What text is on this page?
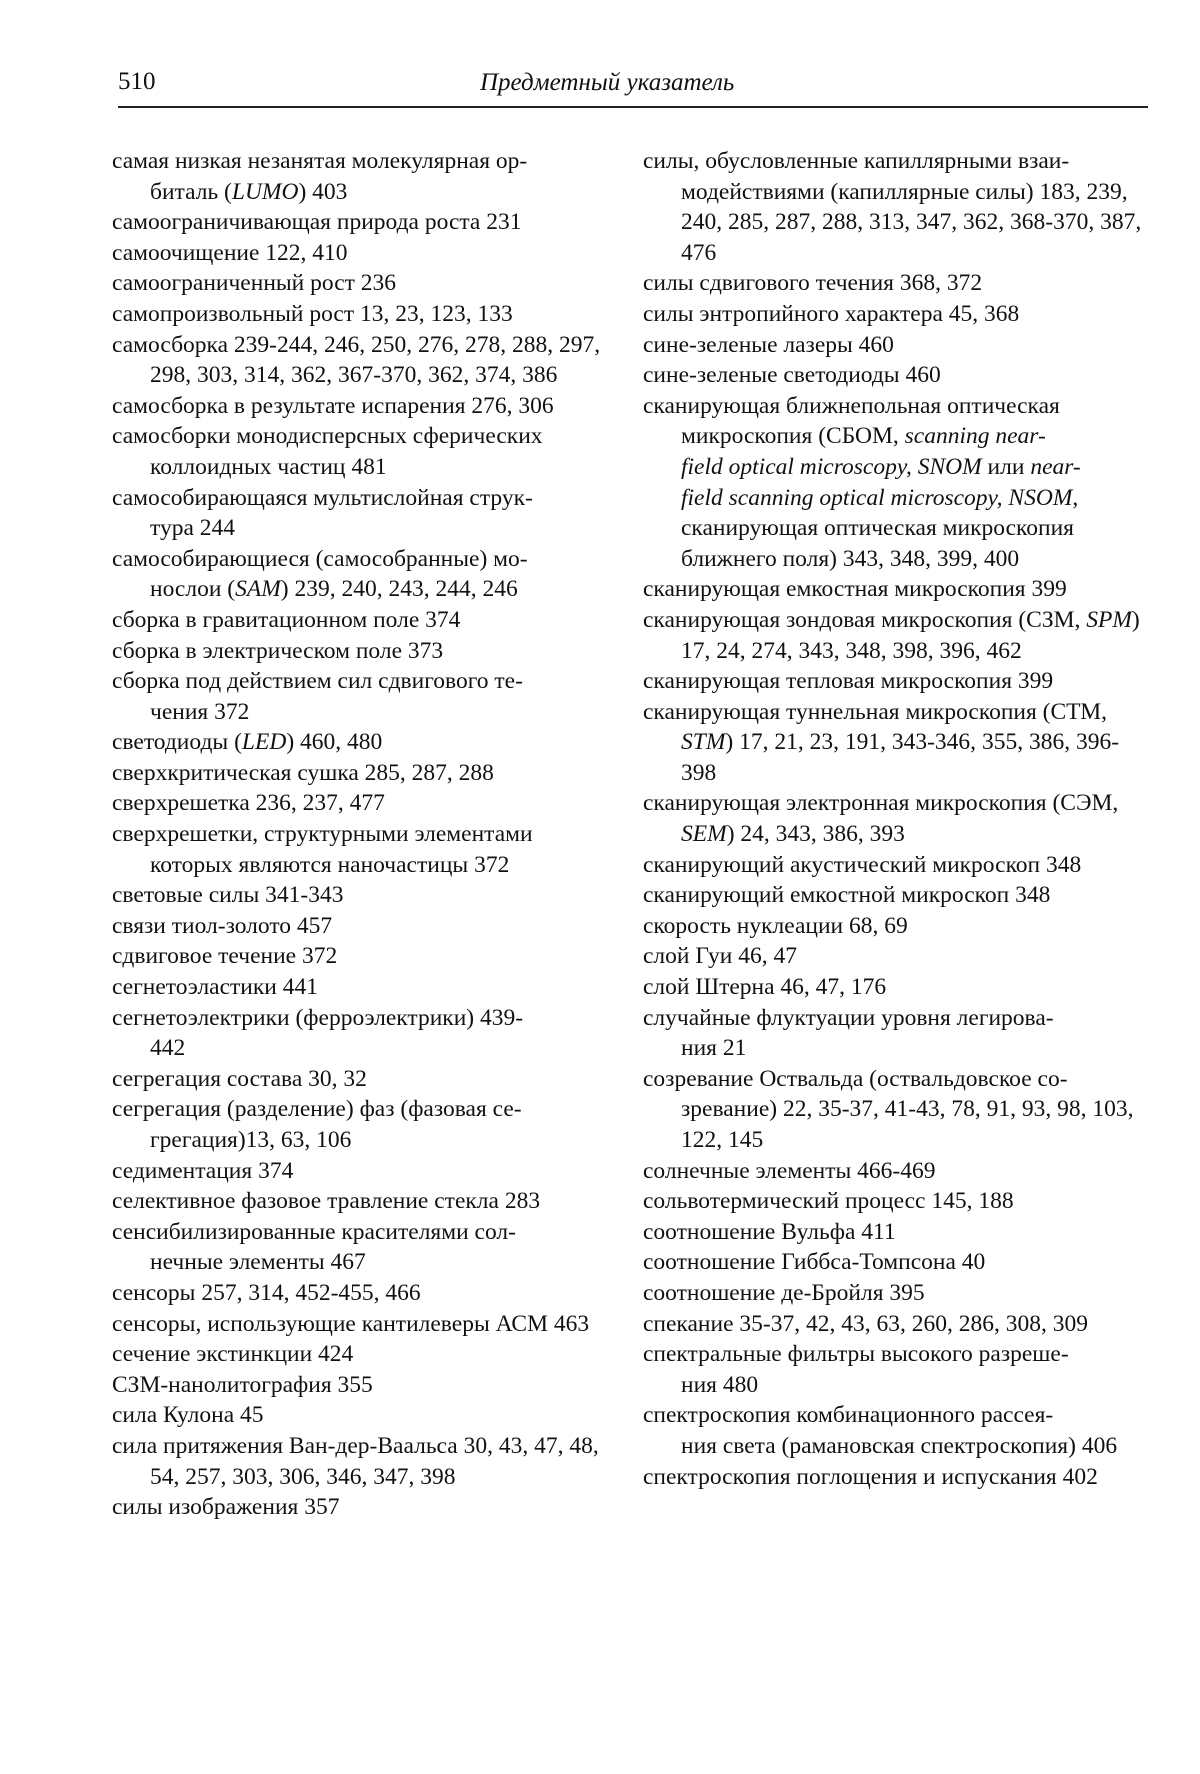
510	Предметный указатель
самая низкая незанятая молекулярная ор-
биталь (LUMO) 403
самоограничивающая природа роста 231
самоочищение 122, 410
самоограниченный рост 236
самопроизвольный рост 13, 23, 123, 133
самосборка 239-244, 246, 250, 276, 278, 288, 297, 298, 303, 314, 362, 367-370, 362, 374, 386
самосборка в результате испарения 276, 306
самосборки монодисперсных сферических коллоидных частиц 481
самособирающаяся мультислойная струк-
тура 244
самособирающиеся (самособранные) мо-
нослои (SAM) 239, 240, 243, 244, 246
сборка в гравитационном поле 374
сборка в электрическом поле 373
сборка под действием сил сдвигового те-
чения 372
светодиоды (LED) 460, 480
сверхкритическая сушка 285, 287, 288
сверхрешетка 236, 237, 477
сверхрешетки, структурными элементами которых являются наночастицы 372
световые силы 341-343
связи тиол-золото 457
сдвиговое течение 372
сегнетоэластики 441
сегнетоэлектрики (ферроэлектрики) 439-
442
сегрегация состава 30, 32
сегрегация (разделение) фаз (фазовая се-
грегация)13, 63, 106
седиментация 374
селективное фазовое травление стекла 283
сенсибилизированные красителями сол-
нечные элементы 467
сенсоры 257, 314, 452-455, 466
сенсоры, использующие кантилеверы АСМ 463
сечение экстинкции 424
СЗМ-нанолитография 355
сила Кулона 45
сила притяжения Ван-дер-Ваальса 30, 43, 47, 48, 54, 257, 303, 306, 346, 347, 398
силы изображения 357
силы, обусловленные капиллярными взаи-
модействиями (капиллярные силы) 183, 239, 240, 285, 287, 288, 313, 347, 362, 368-370, 387, 476
силы сдвигового течения 368, 372
силы энтропийного характера 45, 368
сине-зеленые лазеры 460
сине-зеленые светодиоды 460
сканирующая ближнепольная оптическая микроскопия (СБОМ, scanning near-
field optical microscopy, SNOM или near-
field scanning optical microscopy, NSOM, сканирующая оптическая микроскопия ближнего поля) 343, 348, 399, 400
сканирующая емкостная микроскопия 399
сканирующая зондовая микроскопия (СЗМ, SPM) 17, 24, 274, 343, 348, 398, 396, 462
сканирующая тепловая микроскопия 399
сканирующая туннельная микроскопия (СТМ, STM) 17, 21, 23, 191, 343-346, 355, 386, 396-398
сканирующая электронная микроскопия (СЭМ, SEM) 24, 343, 386, 393
сканирующий акустический микроскоп 348
сканирующий емкостной микроскоп 348
скорость нуклеации 68, 69
слой Гуи 46, 47
слой Штерна 46, 47, 176
случайные флуктуации уровня легирова-
ния 21
созревание Оствальда (оствальдовское со-
зревание) 22, 35-37, 41-43, 78, 91, 93, 98, 103, 122, 145
солнечные элементы 466-469
сольвотермический процесс 145, 188
соотношение Вульфа 411
соотношение Гиббса-Томпсона 40
соотношение де-Бройля 395
спекание 35-37, 42, 43, 63, 260, 286, 308, 309
спектральные фильтры высокого разреше-
ния 480
спектроскопия комбинационного рассея-
ния света (рамановская спектроскопия) 406
спектроскопия поглощения и испускания 402
